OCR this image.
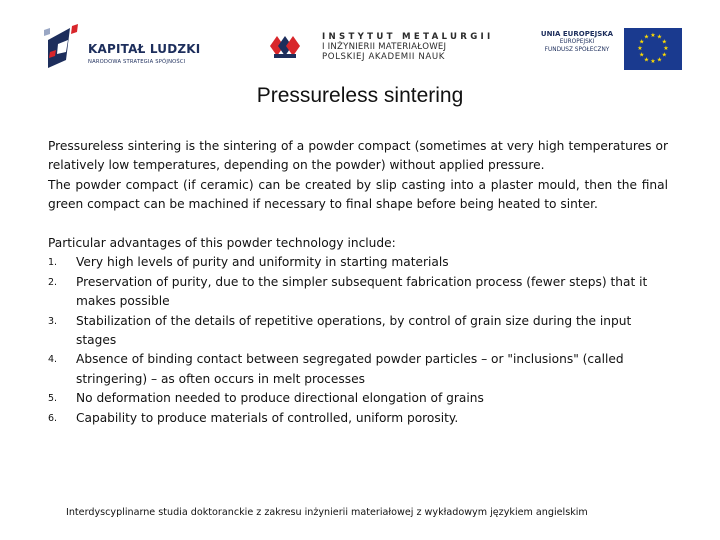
KAPITAŁ LUDZKI
NARODOWA STRATEGIA SPÓJNOŚCI
INSTYTUT METALURGII
I INŻYNIERII MATERIAŁOWEJ
POLSKIEJ AKADEMII NAUK
UNIA EUROPEJSKA
EUROPEJSKI
FUNDUSZ SPOŁECZNY
★ ★
★
★
★
★
★
★
★
★
★
★
Pressureless sintering

Pressureless sintering is the sintering of a powder compact (sometimes at very high temperatures or relatively low temperatures, depending on the powder) without applied pressure.

The powder compact (if ceramic) can be created by slip casting into a plaster mould, then the final green compact can be machined if necessary to final shape before being heated to sinter.

Particular advantages of this powder technology include:

1. Very high levels of purity and uniformity in starting materials
2. Preservation of purity, due to the simpler subsequent fabrication process (fewer steps) that it makes possible
3. Stabilization of the details of repetitive operations, by control of grain size during the input stages
4. Absence of binding contact between segregated powder particles – or "inclusions" (called stringering) – as often occurs in melt processes
5. No deformation needed to produce directional elongation of grains
6. Capability to produce materials of controlled, uniform porosity.
Interdyscyplinarne studia doktoranckie z zakresu inżynierii materiałowej z wykładowym językiem angielskim
